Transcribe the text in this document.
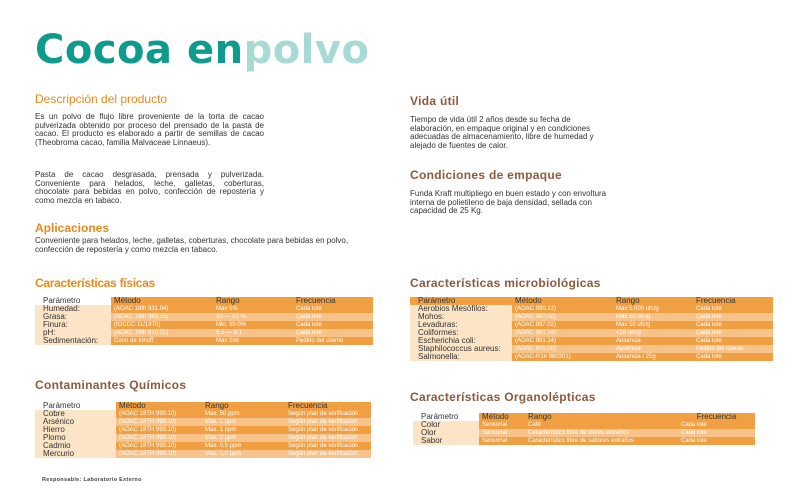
Cocoa enpolvo
Descripción del producto
Es un polvo de flujo libre proveniente de la torta de cacao pulverizada obtenido por proceso del prensado de la pasta de cacao. El producto es elaborado a partir de semillas de cacao (Theobroma cacao, familia Malvaceae Linnaeus).
Pasta de cacao desgrasada, prensada y pulverizada. Conveniente para helados, leche, galletas, coberturas, chocolate para bebidas en polvo, confección de repostería y como mezcla en tabaco.
Aplicaciones
Conveniente para helados, leche, galletas, coberturas, chocolate para bebidas en polvo, confección de repostería y como mezcla en tabaco.
Vida útil
Tiempo de vida útil 2 años desde su fecha de elaboración, en empaque original y en condiciones adecuadas de almacenamiento, libre de humedad y alejado de fuentes de calor.
Condiciones de empaque
Funda Kraft multipliego en buen estado y con envoltura interna de polietileno de baja densidad, sellada con capacidad de 25 Kg.
Características físicas
Parámetro	Método	Rango	Frecuencia
Humedad:	(AOAC 18th 931.04)	Max 5%	Cada lote
Grasa:	(AOAC 18th 963.15)	10 — 12 %	Cada lote
Finura:	(IOCCC 11/1970)	Min. 99.0%	Cada lote
pH:	(AOAC 18th 970.21)	5.2 — 6.1	Cada lote
Sedimentación:	Cono de Inhoff	Max 2ml	Pedido del cliente
Contaminantes Químicos
Parámetro	Método	Rango	Frecuencia
Cobre	(AOAC 18TH 999.10)	Max. 50 ppm	Según plan de verificación
Arsénico	(AOAC 18TH 999.10)	Max. 1 ppm	Según plan de verificación
Hierro	(AOAC 18TH 999.10)	Max. 1 ppm	Según plan de verificación
Plomo	(AOAC 18TH 999.10)	Max. 2 ppm	Según plan de verificación
Cadmio	(AOAC 18TH 999.10)	Max. 0,5 ppm	Según plan de verificación
Mercurio	(AOAC 18TH 999.10)	Max. 1,0 ppm	Según plan de verificación
Características microbiológicas
Parámetro	Método	Rango	Frecuencia
Aerobios Mesófilos:	(AOAC 990.12)	Max 5.000 ufc/g	Cada lote
Mohos:	(AOAC 997.02)	Max 50 ufc/g	Cada lote
Levaduras:	(AOAC 997.02)	Max 50 ufc/g	Cada lote
Coliformes:	(AOAC 991.14)	<10 ufc/g	Cada lote
Escherichia coli:	(AOAC 991.14)	Ausencia	Cada lote
Staphilococcus aureus:	(AOAC 975.55)	Ausencia	Pedido del cliente
Salmonella:	(AOAC-R1# 980301)	Ausencia / 25g	Cada lote
Características Organolépticas
Parámetro	Método	Rango	Frecuencia
Color	Sensorial	Café	Cada lote
Olor	Sensorial	Característico libre de olores extraños	Cada lote
Sabor	Sensorial	Característico libre de sabores extraños	Cada lote
Responsable: Laboratorio Externo
